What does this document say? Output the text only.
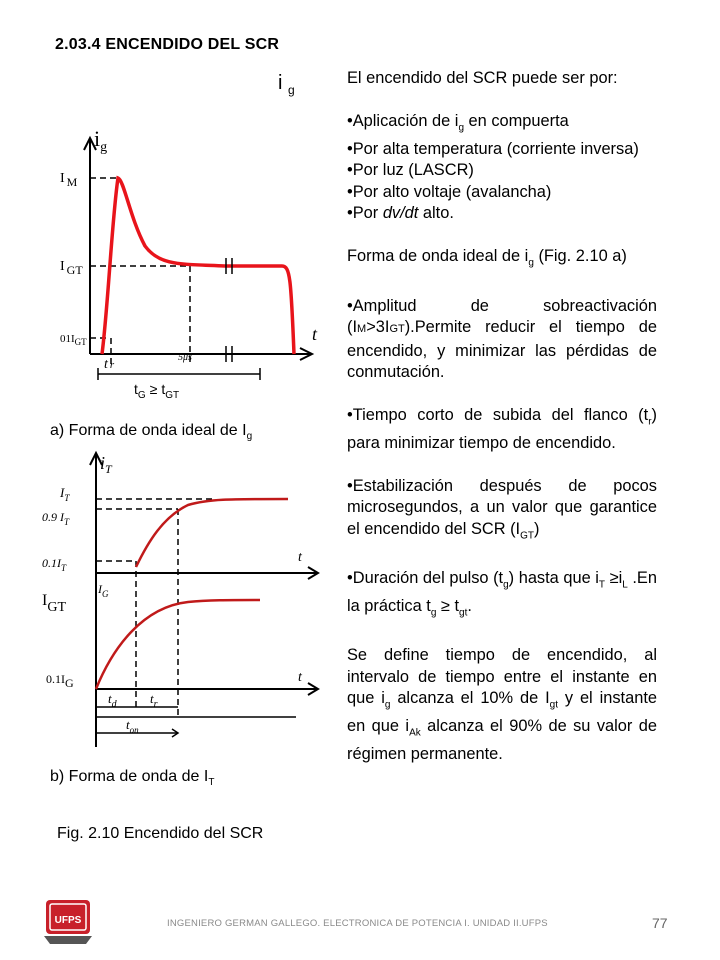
2.03.4 ENCENDIDO DEL SCR
i $_g$
$i_g$
I M
I GT
$01I_{GT}$	t
t r
5μs
$t_G \ge t_{GT}$
a) Forma de onda ideal de $I_g$
$i_T$
$I_T$
0.9 $I_T$
$0.1I_T$
t
IGT
$I_G$
0.1IG	t
$t_d$	$t_r$
$t_{on}$
b) Forma de onda de $I_T$
Fig. 2.10 Encendido del SCR

El encendido del SCR puede ser por:

•Aplicación de $i_g$ en compuerta

•Por alta temperatura (corriente inversa)

•Por luz (LASCR)

•Por alto voltaje (avalancha)

•Por dv/dt alto.

Forma de onda ideal de $i_g$ (Fig. 2.10 a)

•Amplitud de sobreactivación (IM>3IGT).Permite reducir el tiempo de encendido, y minimizar las pérdidas de conmutación.

•Tiempo corto de subida del flanco $(t_r)$ para minimizar tiempo de encendido.

•Estabilización después de pocos microsegundos, a un valor que garantice el encendido del SCR $(I_{GT})$

•Duración del pulso $(t_g)$ hasta que $i_T \ge i_L$ .En la práctica $t_g \ge t_{gt}$.

Se define tiempo de encendido, al intervalo de tiempo entre el instante en que $i_g$ alcanza el 10% de $I_{gt}$ y el instante en que $i_{Ak}$ alcanza el 90% de su valor de régimen permanente.

UFPS	INGENIERO GERMAN GALLEGO. ELECTRONICA DE POTENCIA I. UNIDAD II.UFPS	77
